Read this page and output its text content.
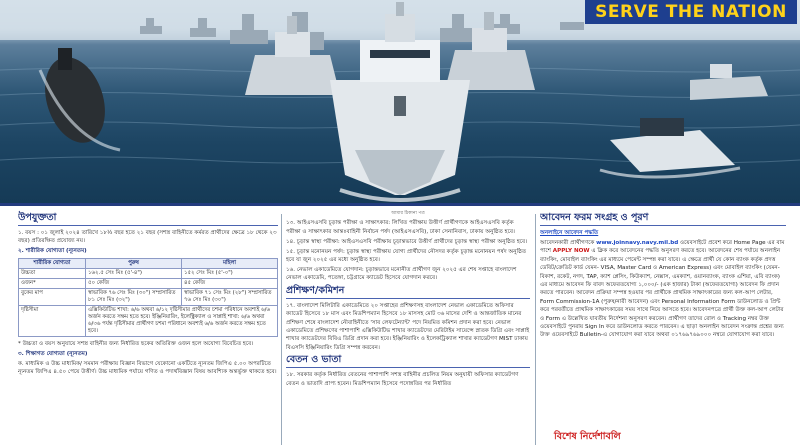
SERVE THE NATION
উপযুক্ততা

১. বয়স : ০১ জুলাই ২০২৪ তারিখে ১৮½ বছর হতে ২১ বছর (সশস্ত্র বাহিনীতে কর্মরত প্রার্থীদের ক্ষেত্রে ১৮ থেকে ২৩ বছর) প্রতিরক্ষিত প্রযোজ্য নয়।

২. শারীরিক যোগ্যতা (ন্যূনতম)

শারীরিক যোগ্যতা	পুরুষ	মহিলা
উচ্চতা	১৬২.৫ সেঃ মিঃ (৫'-৪")	১৫২ সেঃ মিঃ (৫'-০")
ওজন*	৫০ কেজি	৪৫ কেজি
বুকের মাপ	স্বাভাবিক ৭৬ সেঃ মিঃ (৩০") সম্প্রসারিত ৮১ সেঃ মিঃ (৩২")	স্বাভাবিক ৭১ সেঃ মিঃ (২৮") সম্প্রসারিত ৭৬ সেঃ মিঃ (৩০")
দৃষ্টিসীমা	এক্সিকিউটিভ শাখা: ৬/৬ অথবা ৬/১২ দৃষ্টিসীমার প্রার্থীদের চশমা পরিধানে অবশ্যই ৬/৬ অর্জন করতে সক্ষম হতে হবে। ইঞ্জিনিয়ারিং, ইলেক্ট্রিক্যাল ও সাপ্লাই শাখা: ৬/৬ অথবা ৬/৩৬ পর্যন্ত দৃষ্টিসীমার প্রার্থীগণ চশমা পরিধানে অবশ্যই ৬/৬ অর্জন করতে সক্ষম হতে হবে।	

* উচ্চতা ও বয়স অনুযায়ে সশস্ত্র বাহিনীর জন্য নির্ধারিত ছকের অতিরিক্ত ওজন হলে অযোগ্য বিবেচিত হবে।

৩. শিক্ষাগত যোগ্যতা (ন্যূনতম)

ক. মাধ্যমিক ও উচ্চ মাধ্যমিক/ সমমান পরীক্ষায় বিজ্ঞান বিভাগে যেকোনো একটিতে ন্যূনতম জিপিএ ৫.০০ অপরটিতে ন্যূনতম জিপিএ ৪.৫০ পেয়ে উত্তীর্ণ। উচ্চ মাধ্যমিক পর্যায়ে গণিত ও পদার্থবিজ্ঞান বিষয় আবশ্যিক অন্তর্ভুক্ত থাকতে হবে।

আমার ঠিকানা পত্র

১৩. আইএসএসবি চূড়ান্ত পরীক্ষা ও সাক্ষাৎকার: লিখিত পরীক্ষায় উত্তীর্ণ প্রার্থীগণকে আইএসএসবি কর্তৃক পরীক্ষা ও সাক্ষাৎকার আন্তঃবাহিনী নির্বাচন পর্ষদ (আইএসএসবি), ঢাকা সেনানিবাস, ঢাকায় অনুষ্ঠিত হবে।

১৪. চূড়ান্ত স্বাস্থ্য পরীক্ষা: আইএসএসবি পরীক্ষায় চূড়ান্তভাবে উত্তীর্ণ প্রার্থীদের চূড়ান্ত স্বাস্থ্য পরীক্ষা অনুষ্ঠিত হবে।

১৫. চূড়ান্ত মনোনয়ন পর্ষদ: চূড়ান্ত স্বাস্থ্য পরীক্ষায় যোগ্য প্রার্থীদের নৌসদর কর্তৃক চূড়ান্ত মনোনয়ন পর্ষদ অনুষ্ঠিত হবে যা জুন ২০২৫ এর মধ্যে অনুষ্ঠিত হবে।

১৬. নেভাল একাডেমিতে যোগদান: চূড়ান্তভাবে মনোনীত প্রার্থীগণ জুন ২০২৫ এর শেষ সপ্তাহে বাংলাদেশ নেভাল একাডেমি, পতেঙ্গা, চট্টগ্রামে ক্যাডেট হিসেবে যোগদান করবে।

প্রশিক্ষণ/কমিশন

১৭. বাংলাদেশ মিলিটারি একাডেমিতে ২০ সপ্তাহের প্রশিক্ষণসহ বাংলাদেশ নেভাল একাডেমিতে অফিসার ক্যাডেট হিসেবে ১৮ মাস এবং মিডশিপম্যান হিসেবে ১৮ মাসসহ মোট ৩৬ মাসের দেশি ও আন্তর্জাতিক মানের প্রশিক্ষণ শেষে বাংলাদেশ নৌবাহিনীতে 'সাব লেফটেন্যান্ট' পদে নিয়মিত কমিশন প্রদান করা হবে। নেভাল একাডেমিতে প্রশিক্ষণের পাশাপাশি এক্সিকিউটিভ শাখার ক্যাডেটদের মেরিটাইম সায়েন্সে স্নাতক ডিগ্রি এবং সাপ্লাই শাখার ক্যাডেটদের বিবিএ ডিগ্রি প্রদান করা হবে। ইঞ্জিনিয়ারিং ও ইলেকট্রিক্যাল শাখার ক্যাডেটগণ MIST ঢাকায় বিএসসি ইঞ্জিনিয়ারিং ডিগ্রি সম্পন্ন করবেন।

বেতন ও ভাতা

১৮. সরকার কর্তৃক নির্ধারিত বেতনের পাশাপাশি সশস্ত্র বাহিনীর প্রচলিত নিয়ম অনুযায়ী অফিসার ক্যাডেটগণ বেতন ও ভাতাদি প্রাপ্য হবেন। মিডশিপম্যান হিসেবে পদোন্নতির পর নির্ধারিত

আবেদন ফরম সংগ্রহ ও পূরণ

অনলাইনে আবেদন পদ্ধতি

আবেদনকারী প্রার্থীগণকে www.joinnavy.navy.mil.bd ওয়েবসাইটে প্রবেশ করে Home Page এর বাম পাশে APPLY NOW এ ক্লিক করে আবেদনের পদ্ধতি অনুসরণ করতে হবে। আবেদনের শেষ পর্যায়ে অনলাইন ব্যাংকিং, মোবাইল ব্যাংকিং এর মাধ্যমে পেমেন্ট সম্পন্ন করা যাবে। এ ক্ষেত্রে প্রার্থী যে কোন ব্যাংক কর্তৃক প্রদত্ত ডেবিট/ক্রেডিট কার্ড যেমন- VISA, Master Card ও American Express) এবং মোবাইল ব্যাংকিং (যেমন- বিকাশ, রকেট, নগদ, TAP, ক্যাশ প্লেসিং, কিউক্যাশ, নেক্সাস, এমক্যাশ, ওয়ানব্যাংক, ব্যাংক এশিয়া, এবি ব্যাংক) এর মাধ্যমে আবেদন ফি বাবদ অফেরতযোগ্য ১,০০০/- (এক হাজার) টাকা (অফেরতযোগ্য) আবেদন ফি প্রদান করতে পারবেন। আবেদন প্রক্রিয়া সম্পন্ন হওয়ার পর প্রার্থীকে প্রাথমিক সাক্ষাৎকারের জন্য কল-আপ লেটার, Form Commission-1A (পুরুষ/নারী আবেদন) এবং Personal Information Form ডাউনলোড ও প্রিন্ট করে পরবর্তীতে প্রাথমিক সাক্ষাৎকারের সময় সাথে নিয়ে আসতে হবে। আবেদনপত্রে প্রার্থী উক্ত কল-আপ লেটার ও Form এ উল্লেখিত যাবতীয় নির্দেশনা অনুসরণ করবেন। প্রার্থীগণ তাদের রোল ও Tracking নম্বর উক্ত ওয়েবসাইটে পুনরায় Sign In করে ডাউনলোড করতে পারবেন। এ ছাড়া অনলাইন আবেদন সংক্রান্ত প্রশ্নের জন্য উক্ত ওয়েবসাইটে Bulletin-এ যোগাযোগ করা যাবে অথবা ০১৭৬৯৭৬৯০০০ নম্বরে যোগাযোগ করা যাবে।

বিশেষ নির্দেশাবলি
